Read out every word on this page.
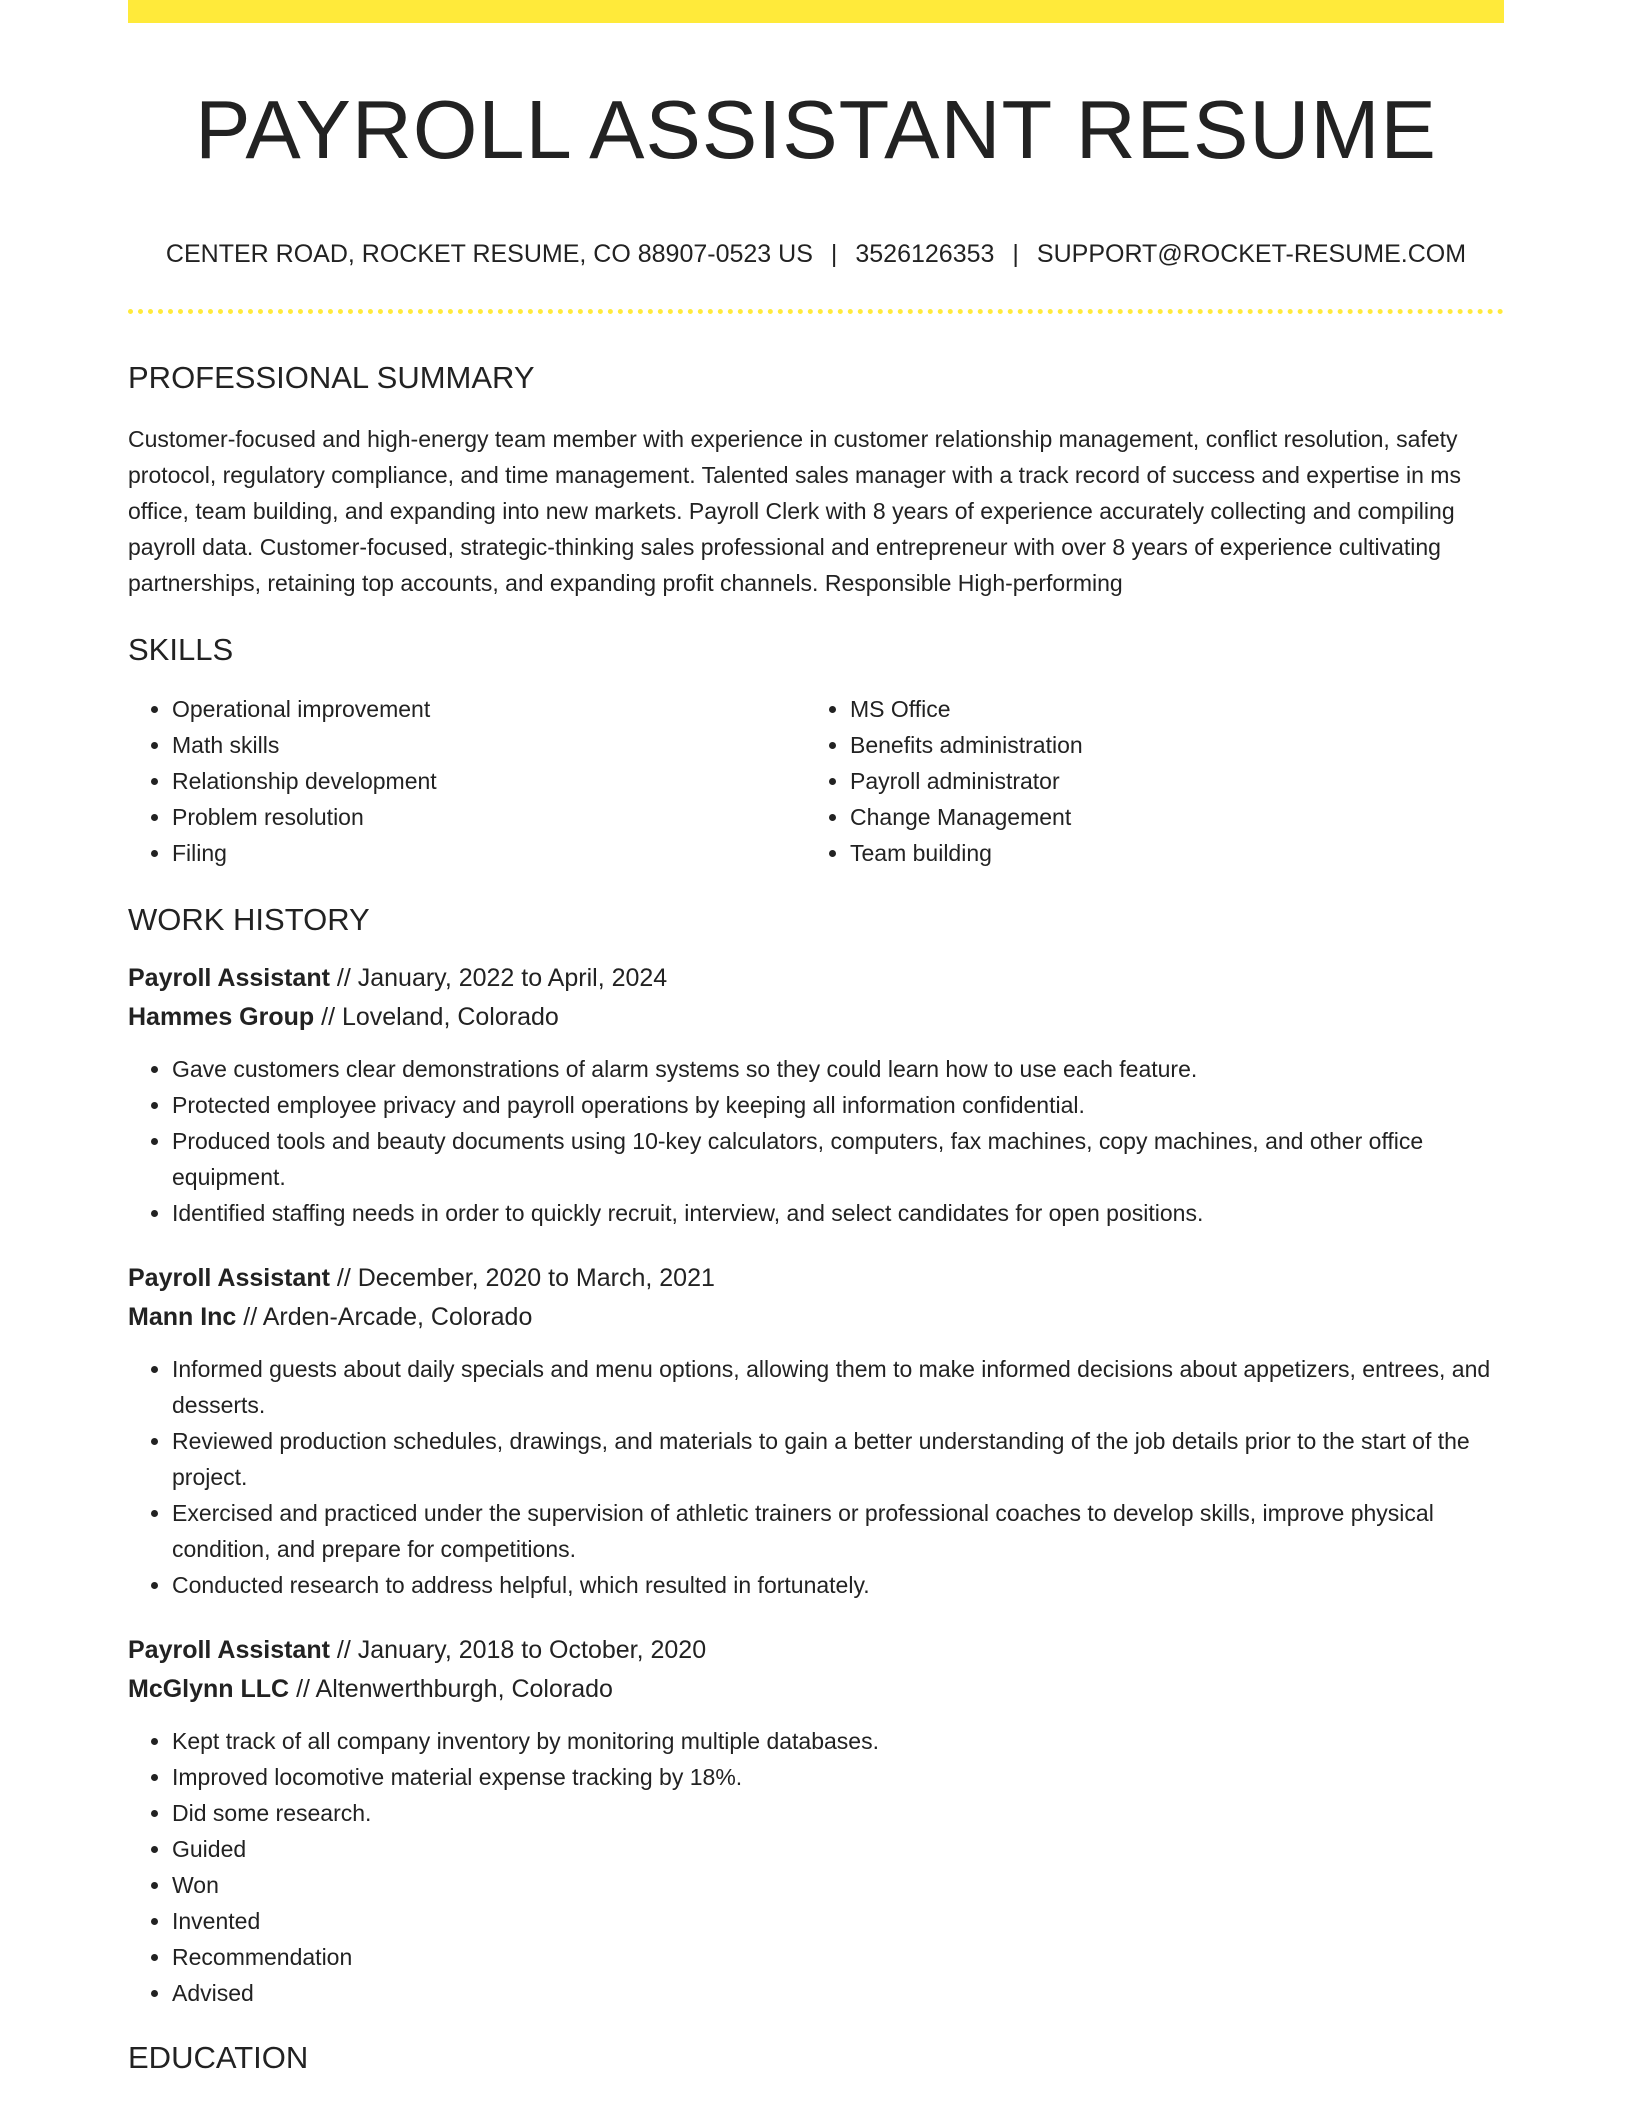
PAYROLL ASSISTANT RESUME
CENTER ROAD, ROCKET RESUME, CO 88907-0523 US | 3526126353 | SUPPORT@ROCKET-RESUME.COM
PROFESSIONAL SUMMARY

Customer-focused and high-energy team member with experience in customer relationship management, conflict resolution, safety protocol, regulatory compliance, and time management. Talented sales manager with a track record of success and expertise in ms office, team building, and expanding into new markets. Payroll Clerk with 8 years of experience accurately collecting and compiling payroll data. Customer-focused, strategic-thinking sales professional and entrepreneur with over 8 years of experience cultivating partnerships, retaining top accounts, and expanding profit channels. Responsible High-performing

SKILLS
• Operational improvement
• Math skills
• Relationship development
• Problem resolution
• Filing
• MS Office
• Benefits administration
• Payroll administrator
• Change Management
• Team building
WORK HISTORY
Payroll Assistant // January, 2022 to April, 2024
Hammes Group // Loveland, Colorado
• Gave customers clear demonstrations of alarm systems so they could learn how to use each feature.
• Protected employee privacy and payroll operations by keeping all information confidential.
• Produced tools and beauty documents using 10-key calculators, computers, fax machines, copy machines, and other office equipment.
• Identified staffing needs in order to quickly recruit, interview, and select candidates for open positions.
Payroll Assistant // December, 2020 to March, 2021
Mann Inc // Arden-Arcade, Colorado
• Informed guests about daily specials and menu options, allowing them to make informed decisions about appetizers, entrees, and desserts.
• Reviewed production schedules, drawings, and materials to gain a better understanding of the job details prior to the start of the project.
• Exercised and practiced under the supervision of athletic trainers or professional coaches to develop skills, improve physical condition, and prepare for competitions.
• Conducted research to address helpful, which resulted in fortunately.
Payroll Assistant // January, 2018 to October, 2020
McGlynn LLC // Altenwerthburgh, Colorado
• Kept track of all company inventory by monitoring multiple databases.
• Improved locomotive material expense tracking by 18%.
• Did some research.
• Guided
• Won
• Invented
• Recommendation
• Advised
EDUCATION
